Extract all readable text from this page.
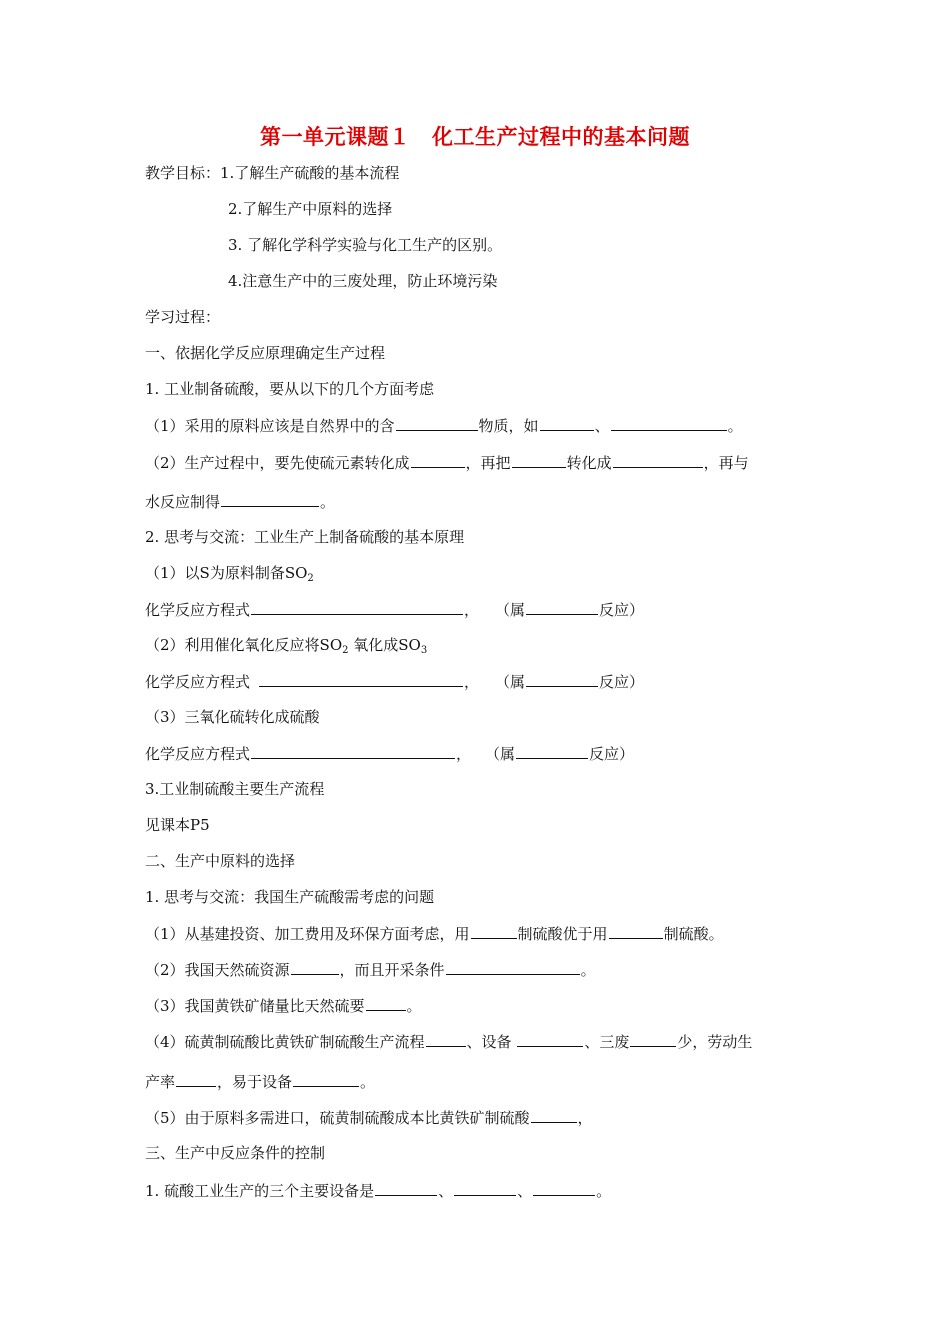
第一单元课题１　化工生产过程中的基本问题
教学目标：1.了解生产硫酸的基本流程
2.了解生产中原料的选择
3. 了解化学科学实验与化工生产的区别。
4.注意生产中的三废处理，防止环境污染
学习过程：
一、依据化学反应原理确定生产过程
1. 工业制备硫酸，要从以下的几个方面考虑
（1）采用的原料应该是自然界中的含	物质，如	、	。
（2）生产过程中，要先使硫元素转化成	，再把	转化成	，再与
水反应制得	。
2. 思考与交流：工业生产上制备硫酸的基本原理
（1）以S为原料制备$SO_2$
化学反应方程式	， （属	反应）
（2）利用催化氧化反应将$SO_2$ 氧化成$SO_3$
化学反应方程式	， （属	反应）
（3）三氧化硫转化成硫酸
化学反应方程式	， （属	反应）
3.工业制硫酸主要生产流程
见课本P5
二、生产中原料的选择
1. 思考与交流：我国生产硫酸需考虑的问题
（1）从基建投资、加工费用及环保方面考虑，用	制硫酸优于用	制硫酸。
（2）我国天然硫资源	，而且开采条件	。
（3）我国黄铁矿储量比天然硫要	。
（4）硫黄制硫酸比黄铁矿制硫酸生产流程	、设备	、三废	少，劳动生
产率	，易于设备	。
（5）由于原料多需进口，硫黄制硫酸成本比黄铁矿制硫酸	，
三、生产中反应条件的控制
1. 硫酸工业生产的三个主要设备是	、	、	。
